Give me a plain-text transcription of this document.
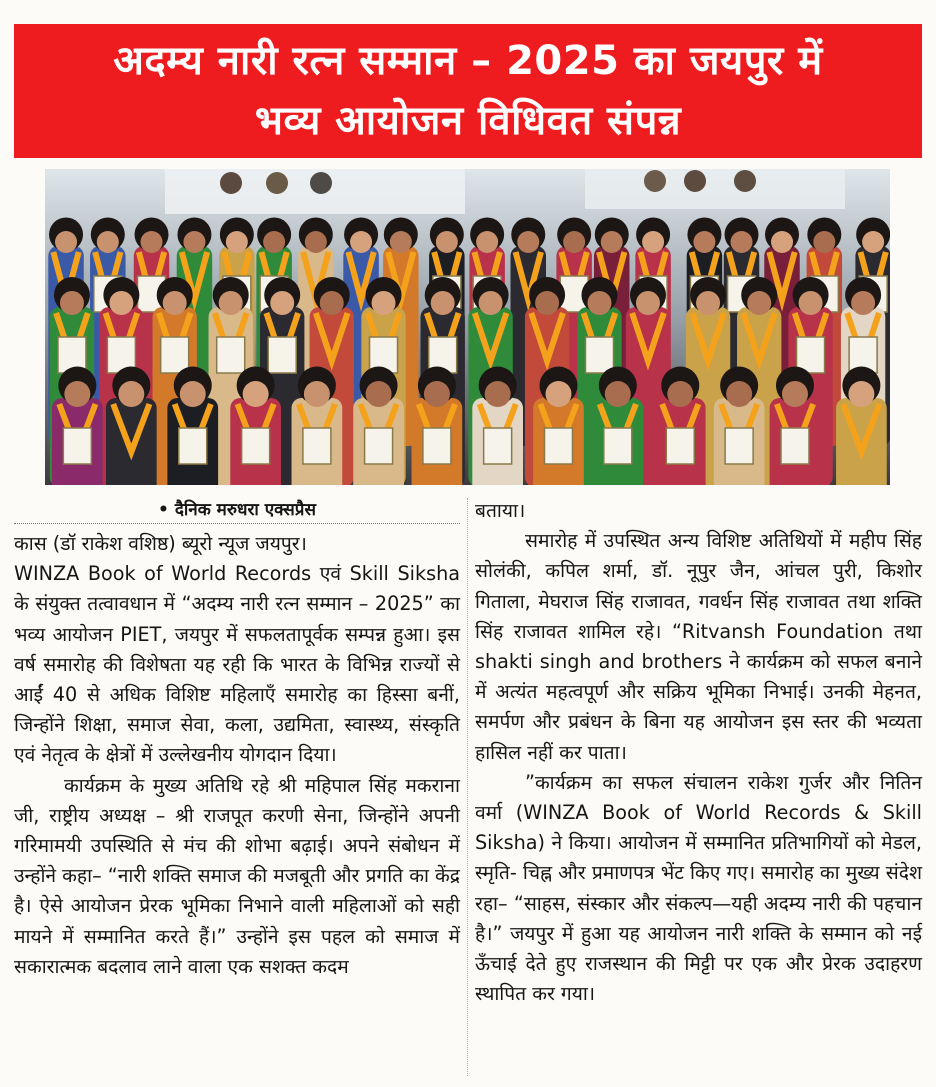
अदम्य नारी रत्न सम्मान – 2025 का जयपुर में
भव्य आयोजन विधिवत संपन्न
• दैनिक मरुधरा एक्सप्रैस

कास (डॉ राकेश वशिष्ठ) ब्यूरो न्यूज जयपुर।

WINZA Book of World Records एवं Skill Siksha के संयुक्त तत्वावधान में “अदम्य नारी रत्न सम्मान – 2025” का भव्य आयोजन PIET, जयपुर में सफलतापूर्वक सम्पन्न हुआ। इस वर्ष समारोह की विशेषता यह रही कि भारत के विभिन्न राज्यों से आईं 40 से अधिक विशिष्ट महिलाएँ समारोह का हिस्सा बनीं, जिन्होंने शिक्षा, समाज सेवा, कला, उद्यमिता, स्वास्थ्य, संस्कृति एवं नेतृत्व के क्षेत्रों में उल्लेखनीय योगदान दिया।

कार्यक्रम के मुख्य अतिथि रहे श्री महिपाल सिंह मकराना जी, राष्ट्रीय अध्यक्ष – श्री राजपूत करणी सेना, जिन्होंने अपनी गरिमामयी उपस्थिति से मंच की शोभा बढ़ाई। अपने संबोधन में उन्होंने कहा– “नारी शक्ति समाज की मजबूती और प्रगति का केंद्र है। ऐसे आयोजन प्रेरक भूमिका निभाने वाली महिलाओं को सही मायने में सम्मानित करते हैं।” उन्होंने इस पहल को समाज में सकारात्मक बदलाव लाने वाला एक सशक्त कदम

बताया।

समारोह में उपस्थित अन्य विशिष्ट अतिथियों में महीप सिंह सोलंकी, कपिल शर्मा, डॉ. नूपुर जैन, आंचल पुरी, किशोर गिताला, मेघराज सिंह राजावत, गवर्धन सिंह राजावत तथा शक्ति सिंह राजावत शामिल रहे। “Ritvansh Foundation तथा shakti singh and brothers ने कार्यक्रम को सफल बनाने में अत्यंत महत्वपूर्ण और सक्रिय भूमिका निभाई। उनकी मेहनत, समर्पण और प्रबंधन के बिना यह आयोजन इस स्तर की भव्यता हासिल नहीं कर पाता।

”कार्यक्रम का सफल संचालन राकेश गुर्जर और नितिन वर्मा (WINZA Book of World Records & Skill Siksha) ने किया। आयोजन में सम्मानित प्रतिभागियों को मेडल, स्मृति- चिह्न और प्रमाणपत्र भेंट किए गए। समारोह का मुख्य संदेश रहा– “साहस, संस्कार और संकल्प—यही अदम्य नारी की पहचान है।” जयपुर में हुआ यह आयोजन नारी शक्ति के सम्मान को नई ऊँचाई देते हुए राजस्थान की मिट्टी पर एक और प्रेरक उदाहरण स्थापित कर गया।
